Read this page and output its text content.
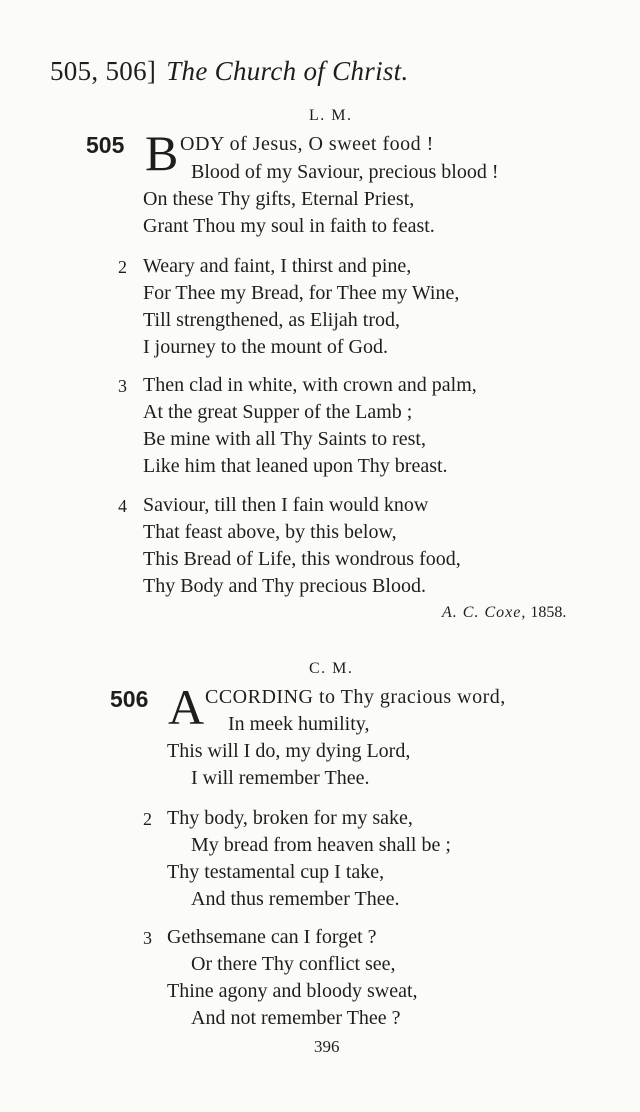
505, 506] The Church of Christ.
L. M.
505 B ODY of Jesus, O sweet food !
Blood of my Saviour, precious blood !
On these Thy gifts, Eternal Priest,
Grant Thou my soul in faith to feast.
2 Weary and faint, I thirst and pine,
For Thee my Bread, for Thee my Wine,
Till strengthened, as Elijah trod,
I journey to the mount of God.
3 Then clad in white, with crown and palm,
At the great Supper of the Lamb ;
Be mine with all Thy Saints to rest,
Like him that leaned upon Thy breast.
4 Saviour, till then I fain would know
That feast above, by this below,
This Bread of Life, this wondrous food,
Thy Body and Thy precious Blood.
A. C. Coxe, 1858.
C. M.
506 A CCORDING to Thy gracious word,
In meek humility,
This will I do, my dying Lord,
I will remember Thee.
2 Thy body, broken for my sake,
My bread from heaven shall be ;
Thy testamental cup I take,
And thus remember Thee.
3 Gethsemane can I forget ?
Or there Thy conflict see,
Thine agony and bloody sweat,
And not remember Thee ?
396
